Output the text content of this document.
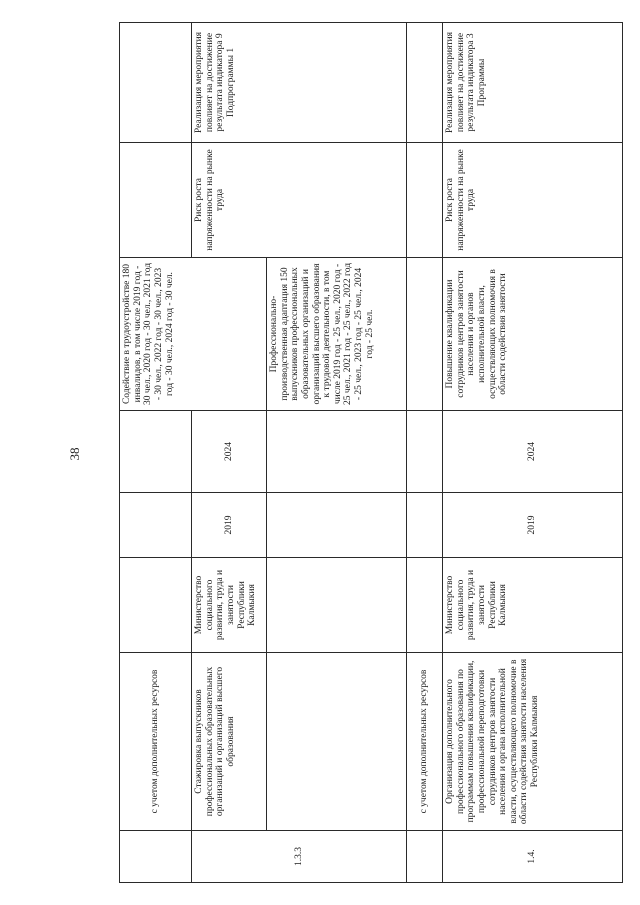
38
	с учетом дополнительных ресурсов				Содействие в трудоустройстве 180 инвалидов, в том числе 2019 год - 30 чел., 2020 год - 30 чел., 2021 год - 30 чел., 2022 год - 30 чел., 2023 год - 30 чел., 2024 год - 30 чел.		
1.3.3	Стажировка выпускников профессиональных образовательных организаций и организаций высшего образования	Министерство социального развития, труда и занятости Республики Калмыкия	2019	2024		Риск роста напряженности на рынке труда	Реализация мероприятия повлияет на достижение результата индикатора 9 Подпрограммы 1
					Профессионально-производственная адаптация 150 выпускников профессиональных образовательных организаций и организаций высшего образования к трудовой деятельности, в том числе 2019 год - 25 чел., 2020 год - 25 чел., 2021 год - 25 чел., 2022 год - 25 чел., 2023 год - 25 чел., 2024 год - 25 чел.		
	с учетом дополнительных ресурсов						
1.4.	Организация дополнительного профессионального образования по программам повышения квалификации, профессиональной переподготовки сотрудников центров занятости населения и органа исполнительной власти, осуществляющего полномочие в области содействия занятости населения Республики Калмыкия	Министерство социального развития, труда и занятости Республики Калмыкия	2019	2024	Повышение квалификации сотрудников центров занятости населения и органов исполнительной власти, осуществляющих полномочия в области содействия занятости	Риск роста напряженности на рынке труда	Реализация мероприятия повлияет на достижение результата индикатора 3 Программы
